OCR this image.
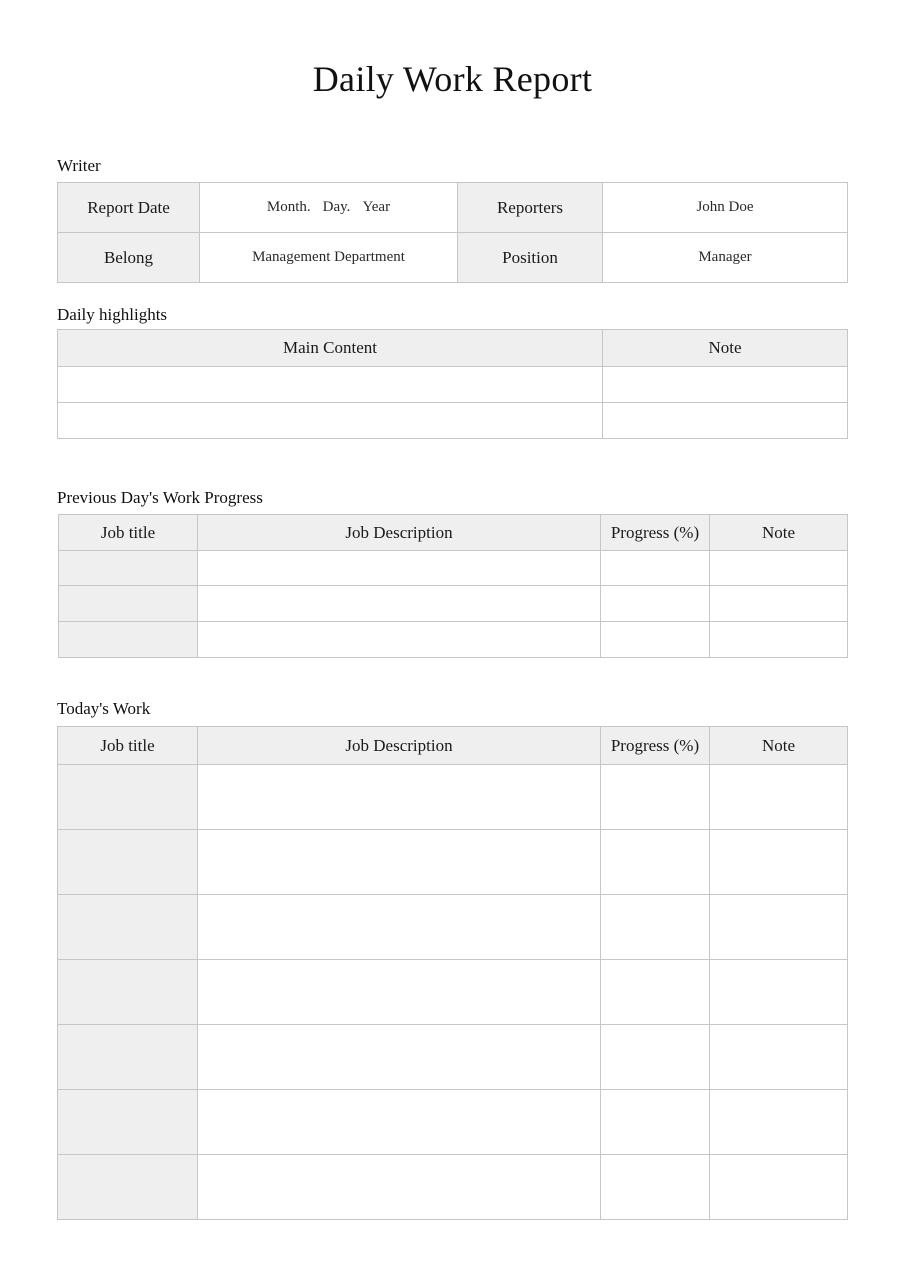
Daily Work Report
Writer
Report Date	Month. Day. Year	Reporters	John Doe
Belong	Management Department	Position	Manager
Daily highlights
Main Content	Note

Previous Day's Work Progress
Job title	Job Description	Progress (%)	Note

Today's Work
Job title	Job Description	Progress (%)	Note
